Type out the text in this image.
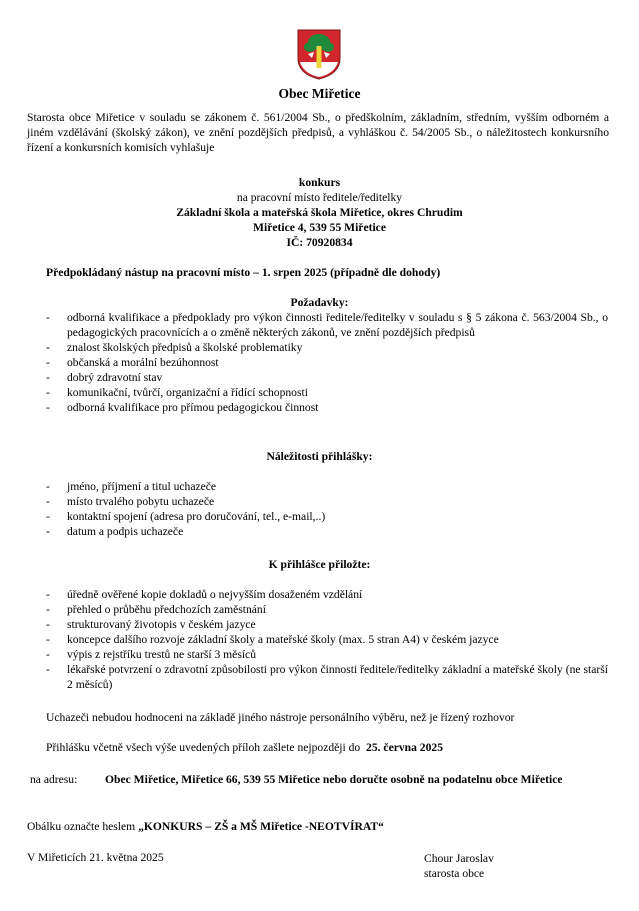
Obec Miřetice
Starosta obce Miřetice v souladu se zákonem č. 561/2004 Sb., o předškolním, základním, středním, vyšším odborném a jiném vzdělávání (školský zákon), ve znění pozdějších předpisů, a vyhláškou č. 54/2005 Sb., o náležitostech konkursního řízení a konkursních komisích vyhlašuje
konkurs
na pracovní místo ředitele/ředitelky
Základní škola a mateřská škola Miřetice, okres Chrudim
Miřetice 4, 539 55 Miřetice
IČ: 70920834
Předpokládaný nástup na pracovní místo – 1. srpen 2025 (případně dle dohody)
Požadavky:
- odborná kvalifikace a předpoklady pro výkon činnosti ředitele/ředitelky v souladu s § 5 zákona č. 563/2004 Sb., o pedagogických pracovnících a o změně některých zákonů, ve znění pozdějších předpisů
- znalost školských předpisů a školské problematiky
- občanská a morální bezúhonnost
- dobrý zdravotní stav
- komunikační, tvůrčí, organizační a řídící schopnosti
- odborná kvalifikace pro přímou pedagogickou činnost
Náležitosti přihlášky:
- jméno, příjmení a titul uchazeče
- místo trvalého pobytu uchazeče
- kontaktní spojení (adresa pro doručování, tel., e-mail,..)
- datum a podpis uchazeče
K přihlášce přiložte:
- úředně ověřené kopie dokladů o nejvyšším dosaženém vzdělání
- přehled o průběhu předchozích zaměstnání
- strukturovaný životopis v českém jazyce
- koncepce dalšího rozvoje základní školy a mateřské školy (max. 5 stran A4) v českém jazyce
- výpis z rejstříku trestů ne starší 3 měsíců
- lékařské potvrzení o zdravotní způsobilosti pro výkon činnosti ředitele/ředitelky základní a mateřské školy (ne starší 2 měsíců)
Uchazeči nebudou hodnoceni na základě jiného nástroje personálního výběru, než je řízený rozhovor
Přihlášku včetně všech výše uvedených příloh zašlete nejpozději do 25. června 2025
na adresu: Obec Miřetice, Miřetice 66, 539 55 Miřetice nebo doručte osobně na podatelnu obce Miřetice
Obálku označte heslem „KONKURS – ZŠ a MŠ Miřetice -NEOTVÍRAT“
V Miřeticích 21. května 2025	Chour Jaroslav
starosta obce
